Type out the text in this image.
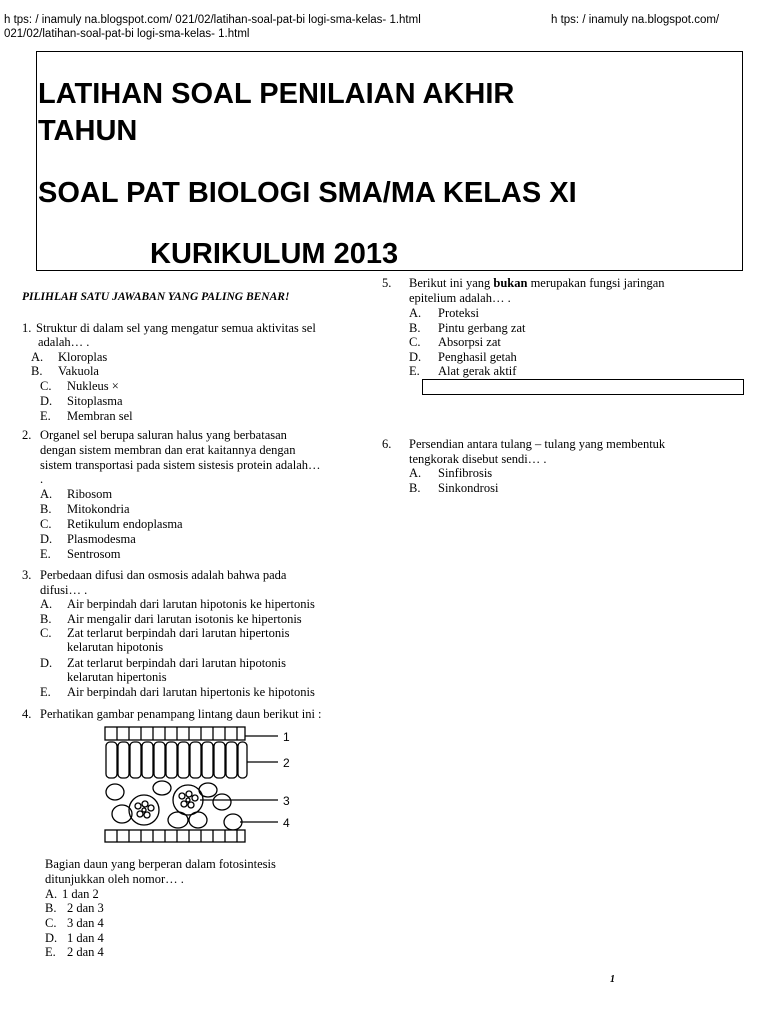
h tps: / inamuly na.blogspot.com/ 021/02/latihan-soal-pat-bi logi-sma-kelas- 1.html
021/02/latihan-soal-pat-bi logi-sma-kelas- 1.html
h tps: / inamuly na.blogspot.com/
LATIHAN SOAL PENILAIAN AKHIR
TAHUN
SOAL PAT BIOLOGI SMA/MA KELAS XI
KURIKULUM 2013
PILIHLAH SATU JAWABAN YANG PALING BENAR!
1. Struktur di dalam sel yang mengatur semua aktivitas sel
adalah… .
A. Kloroplas
B. Vakuola
C. Nukleus ×
D. Sitoplasma
E. Membran sel
2. Organel sel berupa saluran halus yang berbatasan
dengan sistem membran dan erat kaitannya dengan
sistem transportasi pada sistem sistesis protein adalah…
.
A. Ribosom
B. Mitokondria
C. Retikulum endoplasma
D. Plasmodesma
E. Sentrosom
3. Perbedaan difusi dan osmosis adalah bahwa pada
difusi… .
A. Air berpindah dari larutan hipotonis ke hipertonis
B. Air mengalir dari larutan isotonis ke hipertonis
C. Zat terlarut berpindah dari larutan hipertonis
kelarutan hipotonis
D. Zat terlarut berpindah dari larutan hipotonis
kelarutan hipertonis
E. Air berpindah dari larutan hipertonis ke hipotonis
4. Perhatikan gambar penampang lintang daun berikut ini :
1
2
3
4
Bagian daun yang berperan dalam fotosintesis
ditunjukkan oleh nomor… .
A. 1 dan 2
B. 2 dan 3
C. 3 dan 4
D. 1 dan 4
E. 2 dan 4
5. Berikut ini yang bukan merupakan fungsi jaringan
epitelium adalah… .
A. Proteksi
B. Pintu gerbang zat
C. Absorpsi zat
D. Penghasil getah
E. Alat gerak aktif
6. Persendian antara tulang – tulang yang membentuk
tengkorak disebut sendi… .
A. Sinfibrosis
B. Sinkondrosi
1
